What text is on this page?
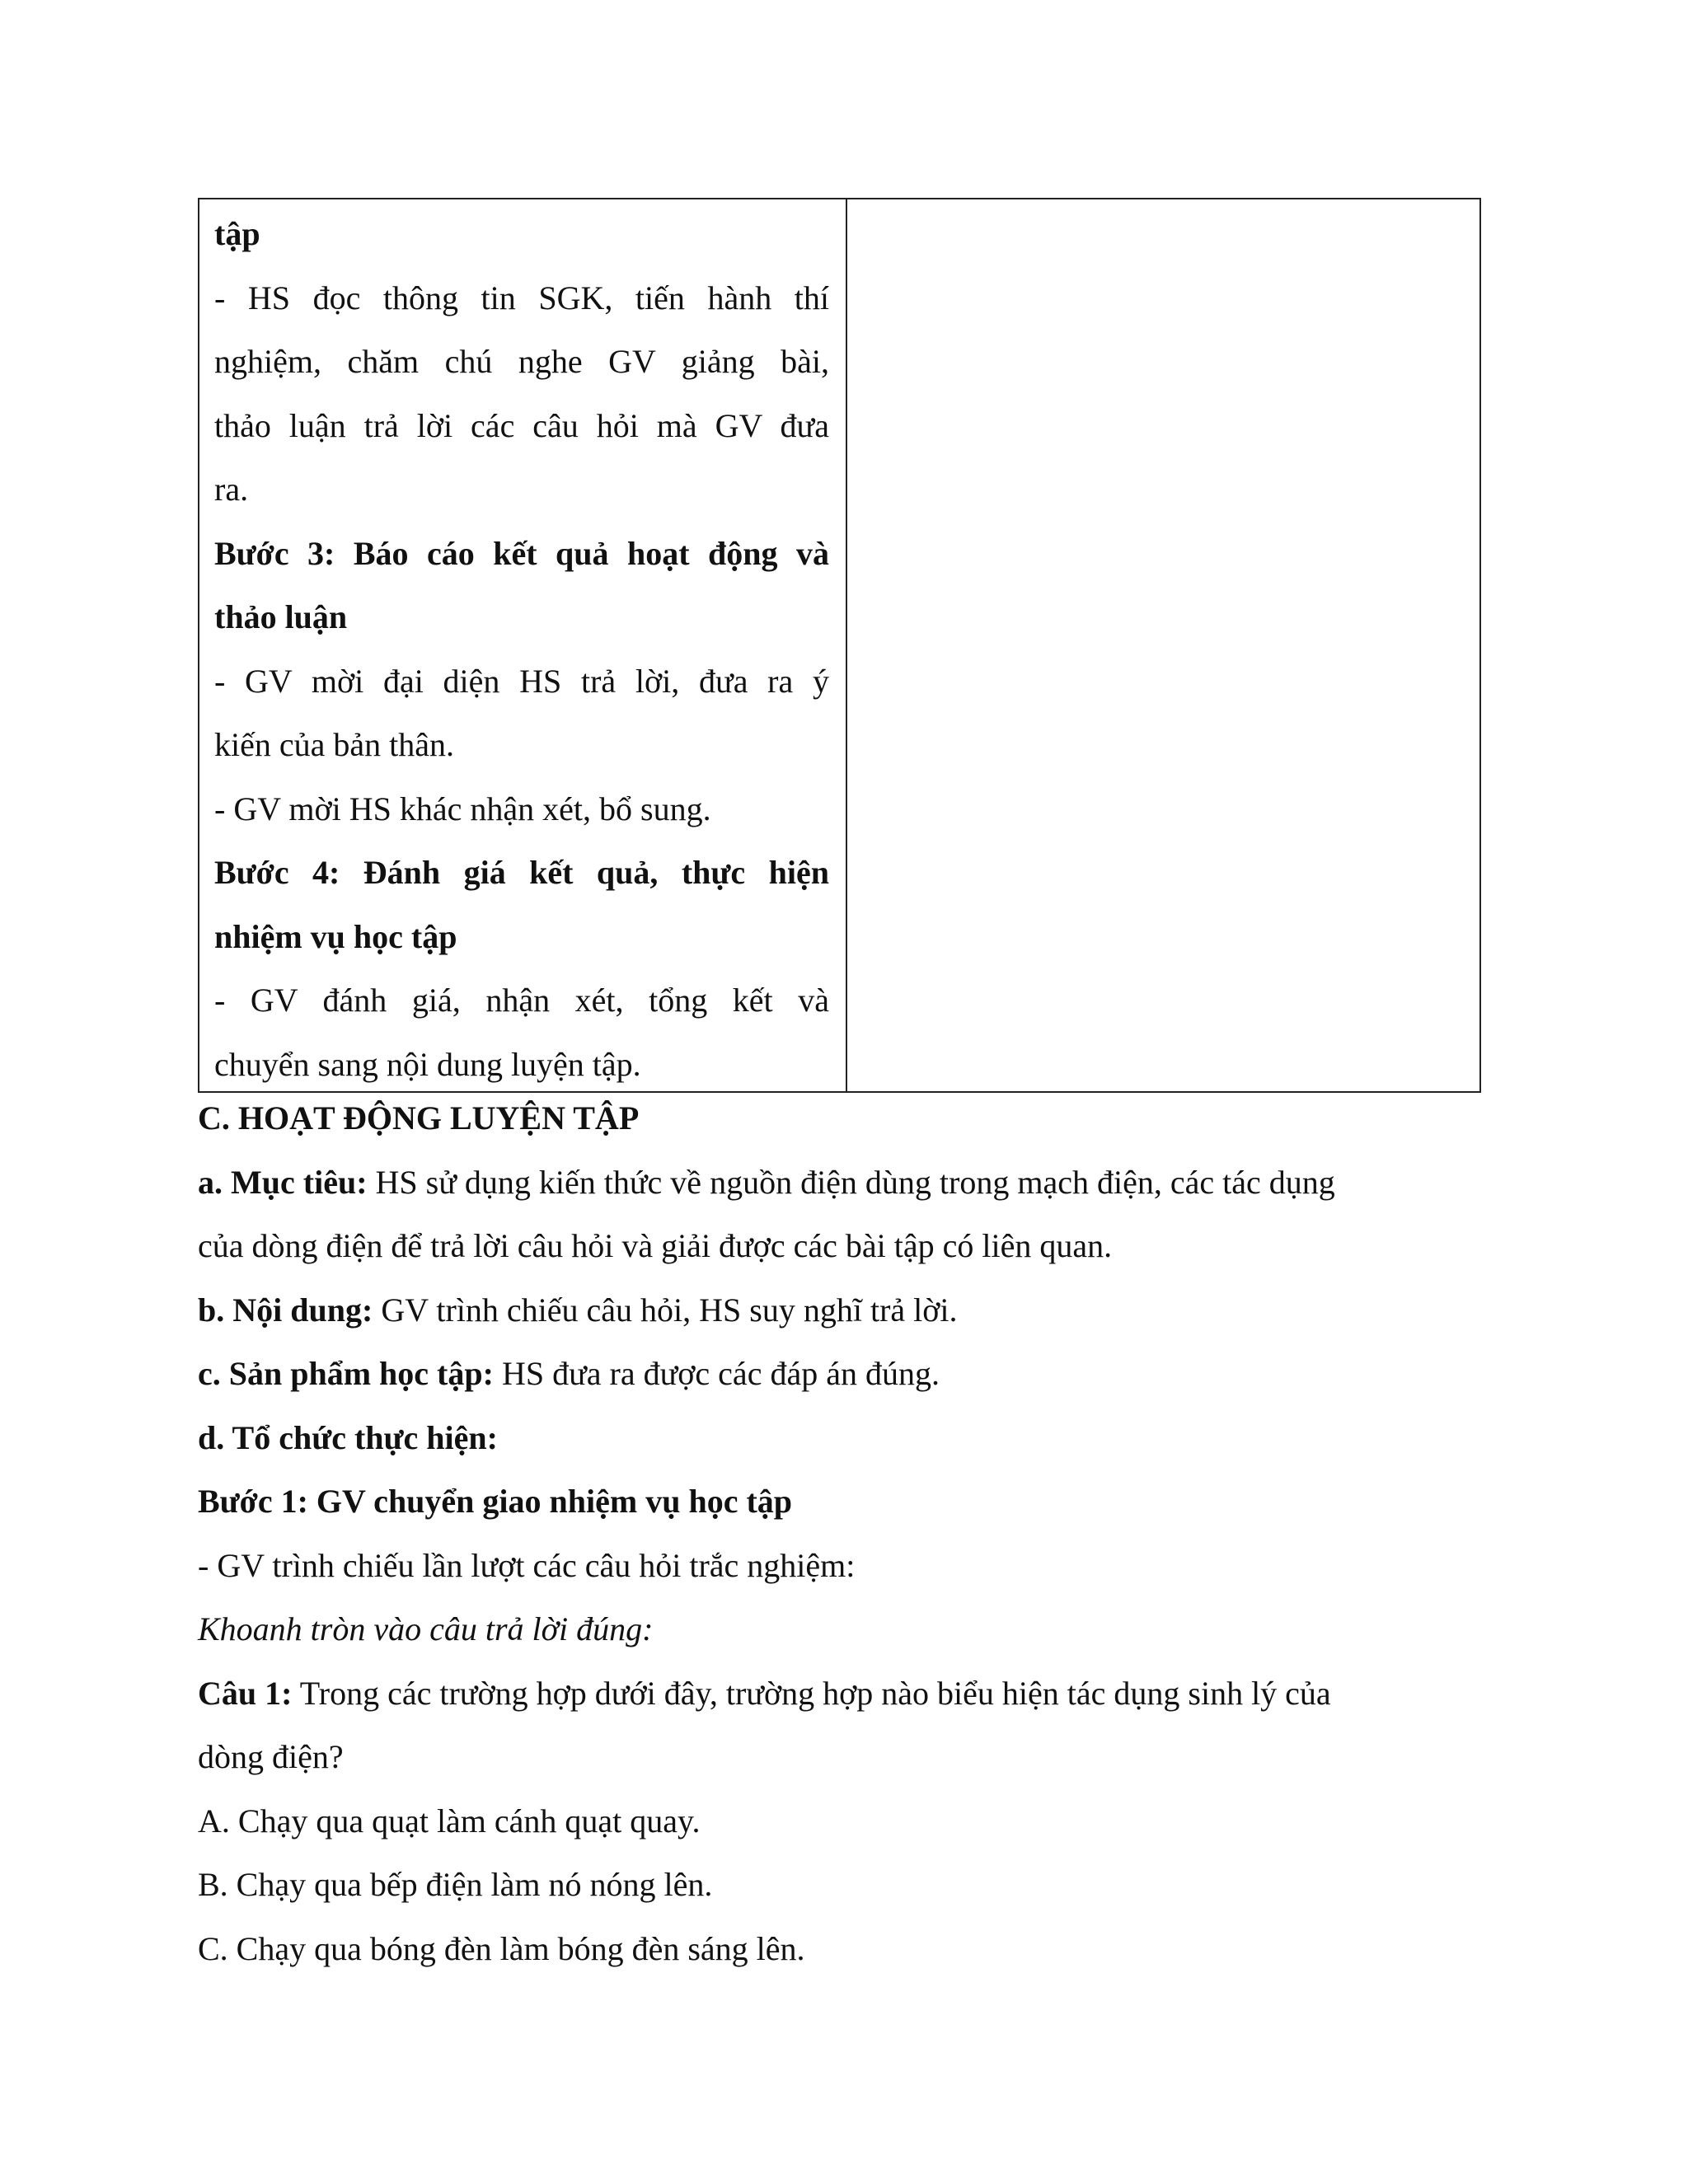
tập
- HS đọc thông tin SGK, tiến hành thí
nghiệm, chăm chú nghe GV giảng bài,
thảo luận trả lời các câu hỏi mà GV đưa
ra.
Bước 3: Báo cáo kết quả hoạt động và
thảo luận
- GV mời đại diện HS trả lời, đưa ra ý
kiến của bản thân.
- GV mời HS khác nhận xét, bổ sung.
Bước 4: Đánh giá kết quả, thực hiện
nhiệm vụ học tập
- GV đánh giá, nhận xét, tổng kết và
chuyển sang nội dung luyện tập.
C. HOẠT ĐỘNG LUYỆN TẬP
a. Mục tiêu: HS sử dụng kiến thức về nguồn điện dùng trong mạch điện, các tác dụng
của dòng điện để trả lời câu hỏi và giải được các bài tập có liên quan.
b. Nội dung: GV trình chiếu câu hỏi, HS suy nghĩ trả lời.
c. Sản phẩm học tập: HS đưa ra được các đáp án đúng.
d. Tổ chức thực hiện:
Bước 1: GV chuyển giao nhiệm vụ học tập
- GV trình chiếu lần lượt các câu hỏi trắc nghiệm:
Khoanh tròn vào câu trả lời đúng:
Câu 1: Trong các trường hợp dưới đây, trường hợp nào biểu hiện tác dụng sinh lý của
dòng điện?
A. Chạy qua quạt làm cánh quạt quay.
B. Chạy qua bếp điện làm nó nóng lên.
C. Chạy qua bóng đèn làm bóng đèn sáng lên.
